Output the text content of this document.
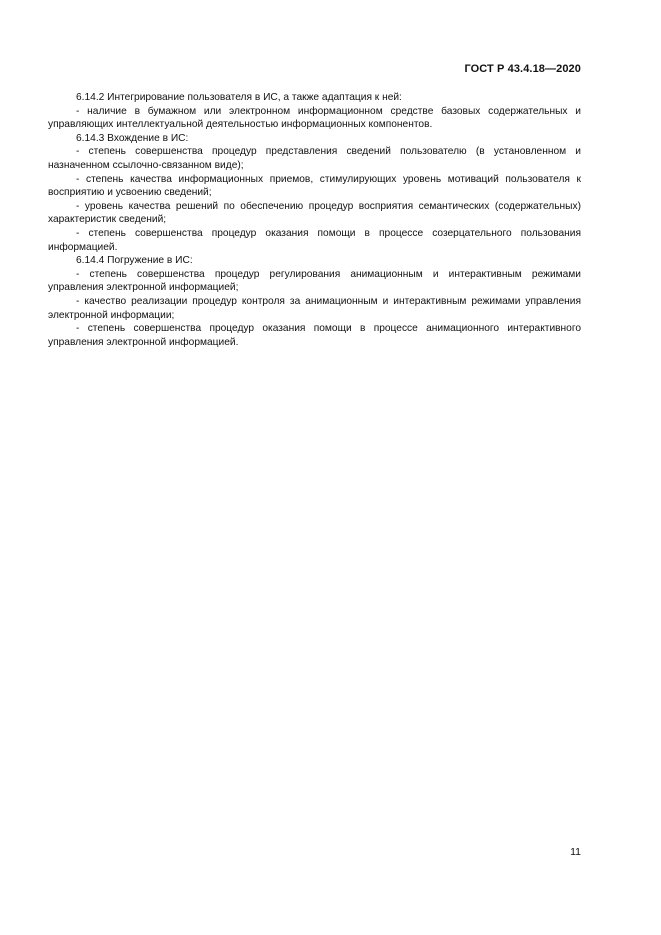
ГОСТ Р 43.4.18—2020

6.14.2 Интегрирование пользователя в ИС, а также адаптация к ней:

- наличие в бумажном или электронном информационном средстве базовых содержательных и управляющих интеллектуальной деятельностью информационных компонентов.

6.14.3 Вхождение в ИС:

- степень совершенства процедур представления сведений пользователю (в установленном и назначенном ссылочно-связанном виде);

- степень качества информационных приемов, стимулирующих уровень мотиваций пользователя к восприятию и усвоению сведений;

- уровень качества решений по обеспечению процедур восприятия семантических (содержательных) характеристик сведений;

- степень совершенства процедур оказания помощи в процессе созерцательного пользования информацией.

6.14.4 Погружение в ИС:

- степень совершенства процедур регулирования анимационным и интерактивным режимами управления электронной информацией;

- качество реализации процедур контроля за анимационным и интерактивным режимами управления электронной информации;

- степень совершенства процедур оказания помощи в процессе анимационного интерактивного управления электронной информацией.

11
